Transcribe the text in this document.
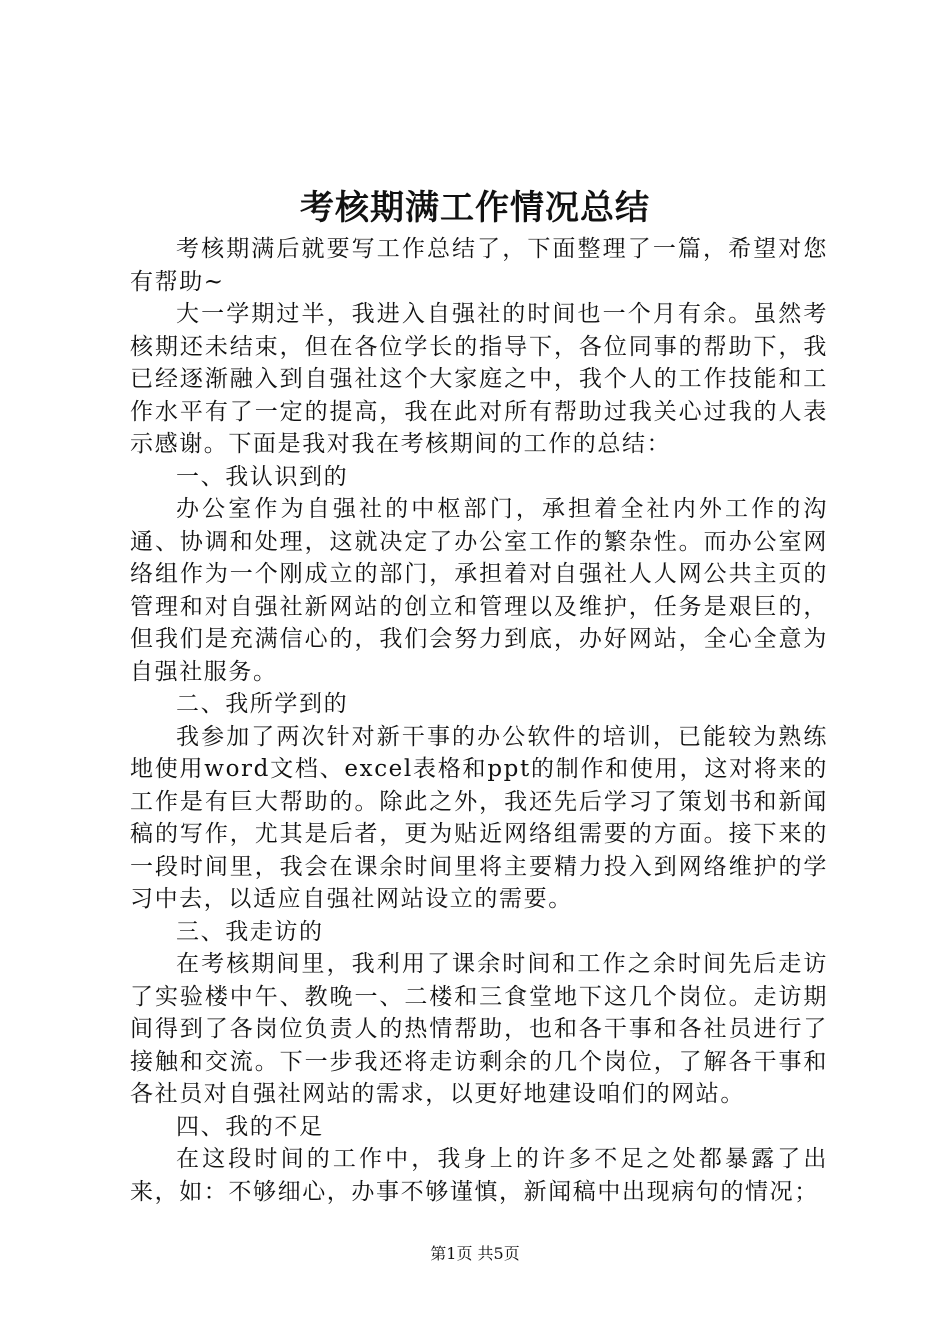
考核期满工作情况总结

考核期满后就要写工作总结了，下面整理了一篇，希望对您有帮助~

大一学期过半，我进入自强社的时间也一个月有余。虽然考核期还未结束，但在各位学长的指导下，各位同事的帮助下，我已经逐渐融入到自强社这个大家庭之中，我个人的工作技能和工作水平有了一定的提高，我在此对所有帮助过我关心过我的人表示感谢。下面是我对我在考核期间的工作的总结：

一、我认识到的

办公室作为自强社的中枢部门，承担着全社内外工作的沟通、协调和处理，这就决定了办公室工作的繁杂性。而办公室网络组作为一个刚成立的部门，承担着对自强社人人网公共主页的管理和对自强社新网站的创立和管理以及维护，任务是艰巨的，但我们是充满信心的，我们会努力到底，办好网站，全心全意为自强社服务。

二、我所学到的

我参加了两次针对新干事的办公软件的培训，已能较为熟练地使用word文档、excel表格和ppt的制作和使用，这对将来的工作是有巨大帮助的。除此之外，我还先后学习了策划书和新闻稿的写作，尤其是后者，更为贴近网络组需要的方面。接下来的一段时间里，我会在课余时间里将主要精力投入到网络维护的学习中去，以适应自强社网站设立的需要。

三、我走访的

在考核期间里，我利用了课余时间和工作之余时间先后走访了实验楼中午、教晚一、二楼和三食堂地下这几个岗位。走访期间得到了各岗位负责人的热情帮助，也和各干事和各社员进行了接触和交流。下一步我还将走访剩余的几个岗位，了解各干事和各社员对自强社网站的需求，以更好地建设咱们的网站。

四、我的不足

在这段时间的工作中，我身上的许多不足之处都暴露了出来，如：不够细心，办事不够谨慎，新闻稿中出现病句的情况；

第1页 共5页
